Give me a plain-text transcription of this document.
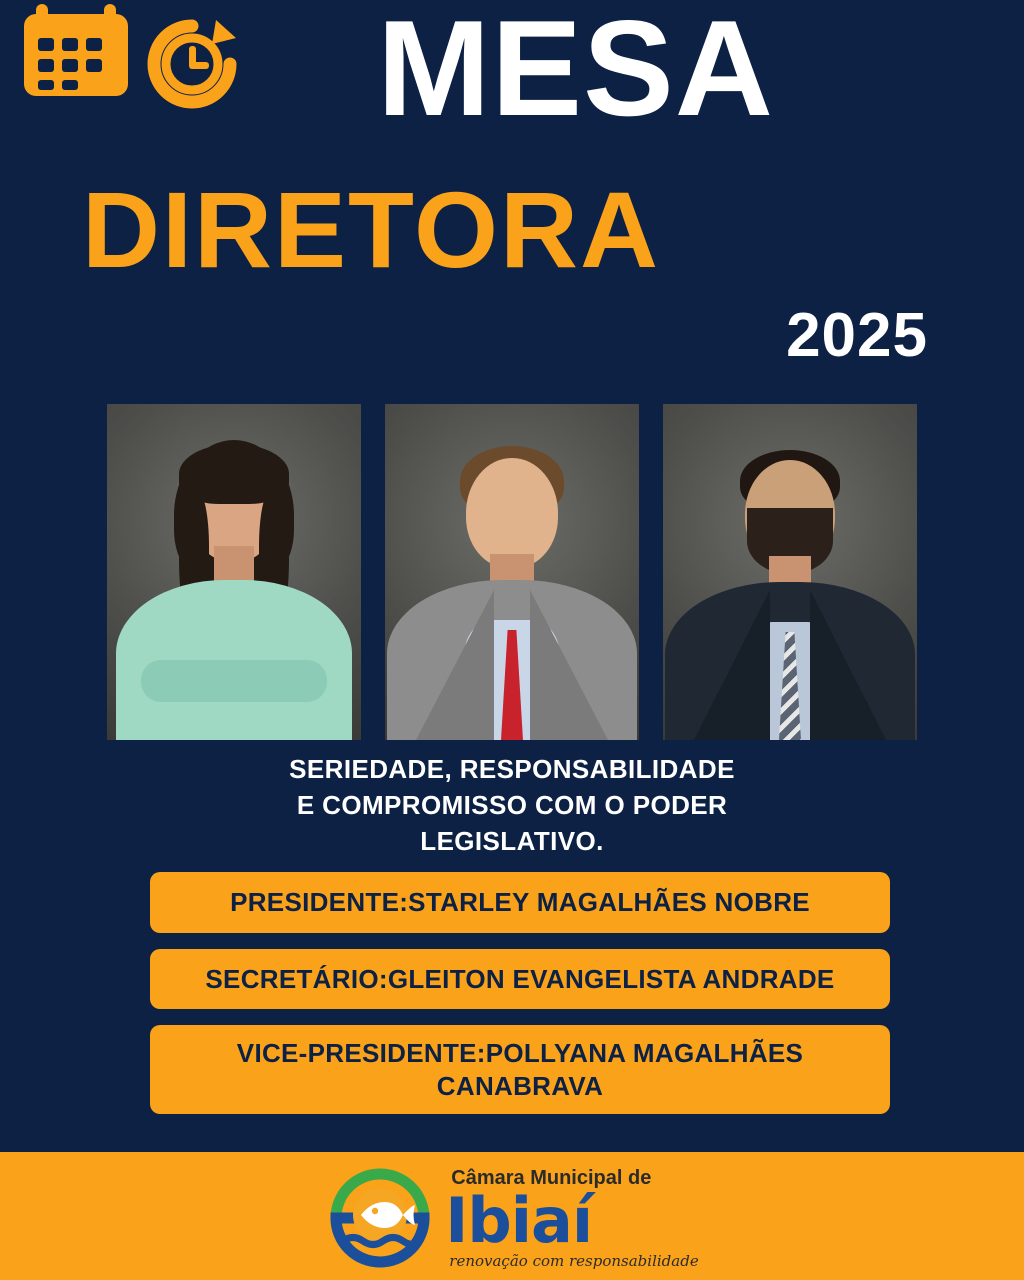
MESA
DIRETORA
2025
SERIEDADE, RESPONSABILIDADE
E COMPROMISSO COM O PODER
LEGISLATIVO.
PRESIDENTE:STARLEY MAGALHÃES NOBRE
SECRETÁRIO:GLEITON EVANGELISTA ANDRADE
VICE-PRESIDENTE:POLLYANA MAGALHÃES CANABRAVA
Câmara Municipal de
Ibiaí
renovação com responsabilidade
